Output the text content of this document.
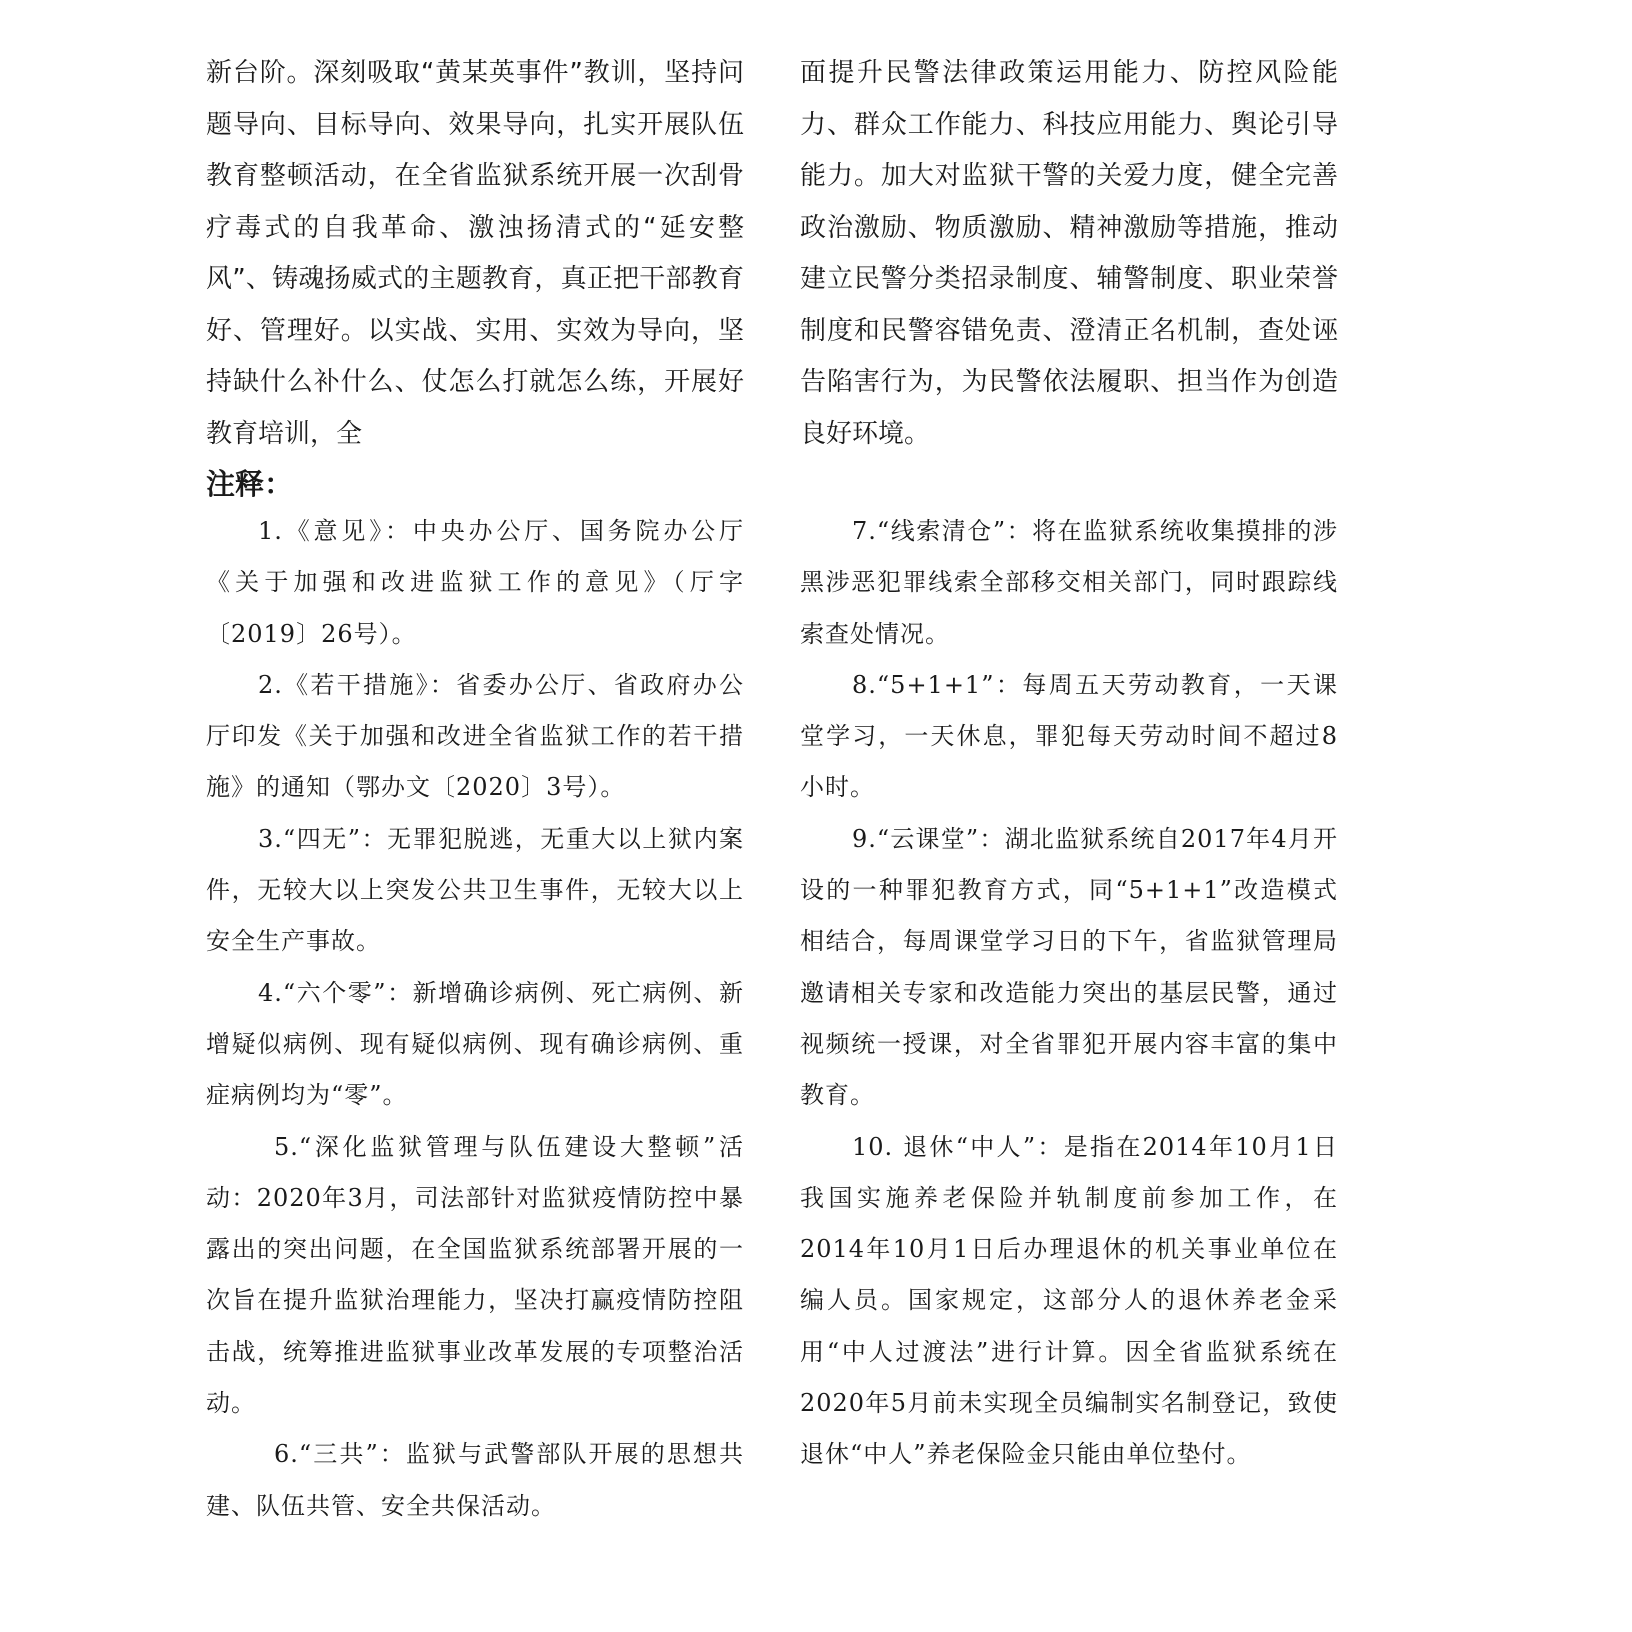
新台阶。深刻吸取“黄某英事件”教训，坚持问题导向、目标导向、效果导向，扎实开展队伍教育整顿活动，在全省监狱系统开展一次刮骨疗毒式的自我革命、激浊扬清式的“延安整风”、铸魂扬威式的主题教育，真正把干部教育好、管理好。以实战、实用、实效为导向，坚持缺什么补什么、仗怎么打就怎么练，开展好教育培训，全

面提升民警法律政策运用能力、防控风险能力、群众工作能力、科技应用能力、舆论引导能力。加大对监狱干警的关爱力度，健全完善政治激励、物质激励、精神激励等措施，推动建立民警分类招录制度、辅警制度、职业荣誉制度和民警容错免责、澄清正名机制，查处诬告陷害行为，为民警依法履职、担当作为创造良好环境。

注释：

1.《意见》：中央办公厅、国务院办公厅《关于加强和改进监狱工作的意见》（厅字〔2019〕26号）。

2.《若干措施》：省委办公厅、省政府办公厅印发《关于加强和改进全省监狱工作的若干措施》的通知（鄂办文〔2020〕3号）。

3.“四无”：无罪犯脱逃，无重大以上狱内案件，无较大以上突发公共卫生事件，无较大以上安全生产事故。

4.“六个零”：新增确诊病例、死亡病例、新增疑似病例、现有疑似病例、现有确诊病例、重症病例均为“零”。

5.“深化监狱管理与队伍建设大整顿”活动：2020年3月，司法部针对监狱疫情防控中暴露出的突出问题，在全国监狱系统部署开展的一次旨在提升监狱治理能力，坚决打赢疫情防控阻击战，统筹推进监狱事业改革发展的专项整治活动。

6.“三共”：监狱与武警部队开展的思想共建、队伍共管、安全共保活动。

7.“线索清仓”：将在监狱系统收集摸排的涉黑涉恶犯罪线索全部移交相关部门，同时跟踪线索查处情况。

8.“5+1+1”：每周五天劳动教育，一天课堂学习，一天休息，罪犯每天劳动时间不超过8小时。

9.“云课堂”：湖北监狱系统自2017年4月开设的一种罪犯教育方式，同“5+1+1”改造模式相结合，每周课堂学习日的下午，省监狱管理局邀请相关专家和改造能力突出的基层民警，通过视频统一授课，对全省罪犯开展内容丰富的集中教育。

10. 退休“中人”：是指在2014年10月1日我国实施养老保险并轨制度前参加工作，在2014年10月1日后办理退休的机关事业单位在编人员。国家规定，这部分人的退休养老金采用“中人过渡法”进行计算。因全省监狱系统在2020年5月前未实现全员编制实名制登记，致使退休“中人”养老保险金只能由单位垫付。
